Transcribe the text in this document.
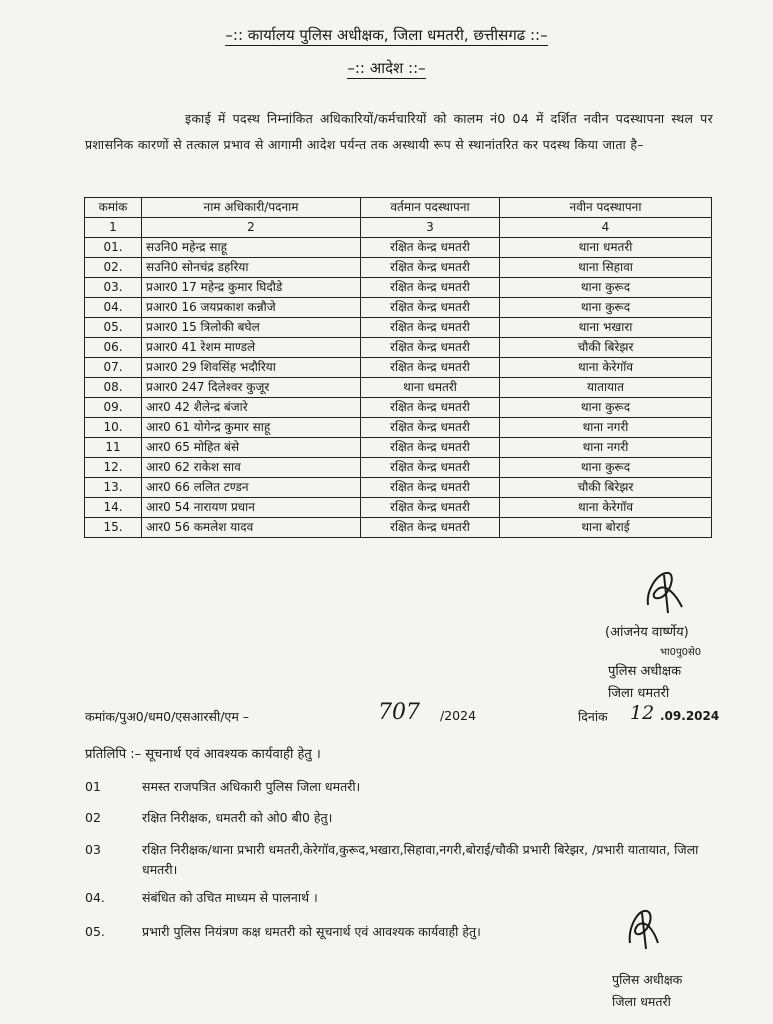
–:: कार्यालय पुलिस अधीक्षक, जिला धमतरी, छत्तीसगढ ::–
–:: आदेश ::–
इकाई में पदस्थ निम्नांकित अधिकारियों/कर्मचारियों को कालम नं0 04 में दर्शित नवीन पदस्थापना स्थल पर प्रशासनिक कारणों से तत्काल प्रभाव से आगामी आदेश पर्यन्त तक अस्थायी रूप से स्थानांतरित कर पदस्थ किया जाता है–
कमांक	नाम अधिकारी/पदनाम	वर्तमान पदस्थापना	नवीन पदस्थापना
1	2	3	4
01.	सउनि0 महेन्द्र साहू	रक्षित केन्द्र धमतरी	थाना धमतरी
02.	सउनि0 सोनचंद्र डहरिया	रक्षित केन्द्र धमतरी	थाना सिहावा
03.	प्रआर0 17 महेन्द्र कुमार घिदौडे	रक्षित केन्द्र धमतरी	थाना कुरूद
04.	प्रआर0 16 जयप्रकाश कन्नौजे	रक्षित केन्द्र धमतरी	थाना कुरूद
05.	प्रआर0 15 त्रिलोकी बघेल	रक्षित केन्द्र धमतरी	थाना भखारा
06.	प्रआर0 41 रेशम माण्डले	रक्षित केन्द्र धमतरी	चौकी बिरेझर
07.	प्रआर0 29 शिवसिंह भदौरिया	रक्षित केन्द्र धमतरी	थाना केरेगॉव
08.	प्रआर0 247 दिलेश्वर कुजूर	थाना धमतरी	यातायात
09.	आर0 42 शैलेन्द्र बंजारे	रक्षित केन्द्र धमतरी	थाना कुरूद
10.	आर0 61 योगेन्द्र कुमार साहू	रक्षित केन्द्र धमतरी	थाना नगरी
11	आर0 65 मोहित बंसे	रक्षित केन्द्र धमतरी	थाना नगरी
12.	आर0 62 राकेश साव	रक्षित केन्द्र धमतरी	थाना कुरूद
13.	आर0 66 ललित टण्डन	रक्षित केन्द्र धमतरी	चौकी बिरेझर
14.	आर0 54 नारायण प्रधान	रक्षित केन्द्र धमतरी	थाना केरेगॉव
15.	आर0 56 कमलेश यादव	रक्षित केन्द्र धमतरी	थाना बोराई
(आंजनेय वार्ष्णेय)
भा0पु0से0
पुलिस अधीक्षक
जिला धमतरी
कमांक/पुअ0/धम0/एसआरसी/एम –	707 /2024	दिनांक 12 .09.2024
प्रतिलिपि :– सूचनार्थ एवं आवश्यक कार्यवाही हेतु ।
01	समस्त राजपत्रित अधिकारी पुलिस जिला धमतरी।
02	रक्षित निरीक्षक, धमतरी को ओ0 बी0 हेतु।
03	रक्षित निरीक्षक/थाना प्रभारी धमतरी,केरेगॉव,कुरूद,भखारा,सिहावा,नगरी,बोराई/चौकी प्रभारी बिरेझर, /प्रभारी यातायात, जिला धमतरी।
04.	संबंधित को उचित माध्यम से पालनार्थ ।
05.	प्रभारी पुलिस नियंत्रण कक्ष धमतरी को सूचनार्थ एवं आवश्यक कार्यवाही हेतु।
पुलिस अधीक्षक
जिला धमतरी
